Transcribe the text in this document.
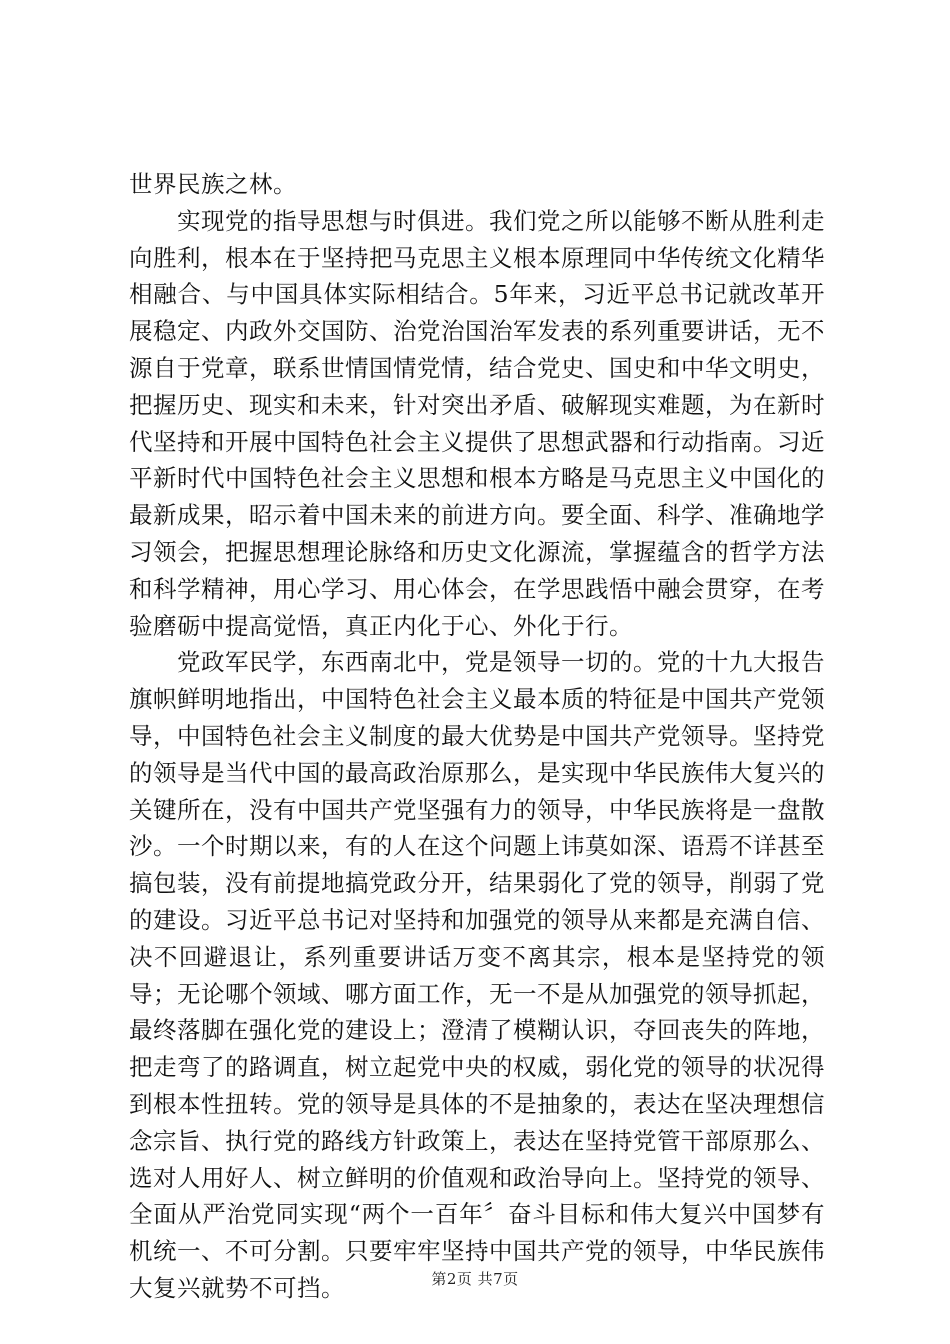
世界民族之林。

实现党的指导思想与时俱进。我们党之所以能够不断从胜利走向胜利，根本在于坚持把马克思主义根本原理同中华传统文化精华相融合、与中国具体实际相结合。5年来，习近平总书记就改革开展稳定、内政外交国防、治党治国治军发表的系列重要讲话，无不源自于党章，联系世情国情党情，结合党史、国史和中华文明史，把握历史、现实和未来，针对突出矛盾、破解现实难题，为在新时代坚持和开展中国特色社会主义提供了思想武器和行动指南。习近平新时代中国特色社会主义思想和根本方略是马克思主义中国化的最新成果，昭示着中国未来的前进方向。要全面、科学、准确地学习领会，把握思想理论脉络和历史文化源流，掌握蕴含的哲学方法和科学精神，用心学习、用心体会，在学思践悟中融会贯穿，在考验磨砺中提高觉悟，真正内化于心、外化于行。

党政军民学，东西南北中，党是领导一切的。党的十九大报告旗帜鲜明地指出，中国特色社会主义最本质的特征是中国共产党领导，中国特色社会主义制度的最大优势是中国共产党领导。坚持党的领导是当代中国的最高政治原那么，是实现中华民族伟大复兴的关键所在，没有中国共产党坚强有力的领导，中华民族将是一盘散沙。一个时期以来，有的人在这个问题上讳莫如深、语焉不详甚至搞包装，没有前提地搞党政分开，结果弱化了党的领导，削弱了党的建设。习近平总书记对坚持和加强党的领导从来都是充满自信、决不回避退让，系列重要讲话万变不离其宗，根本是坚持党的领导；无论哪个领域、哪方面工作，无一不是从加强党的领导抓起，最终落脚在强化党的建设上；澄清了模糊认识，夺回丧失的阵地，把走弯了的路调直，树立起党中央的权威，弱化党的领导的状况得到根本性扭转。党的领导是具体的不是抽象的，表达在坚决理想信念宗旨、执行党的路线方针政策上，表达在坚持党管干部原那么、选对人用好人、树立鲜明的价值观和政治导向上。坚持党的领导、全面从严治党同实现“两个一百年〞奋斗目标和伟大复兴中国梦有机统一、不可分割。只要牢牢坚持中国共产党的领导，中华民族伟大复兴就势不可挡。	第2页 共7页
